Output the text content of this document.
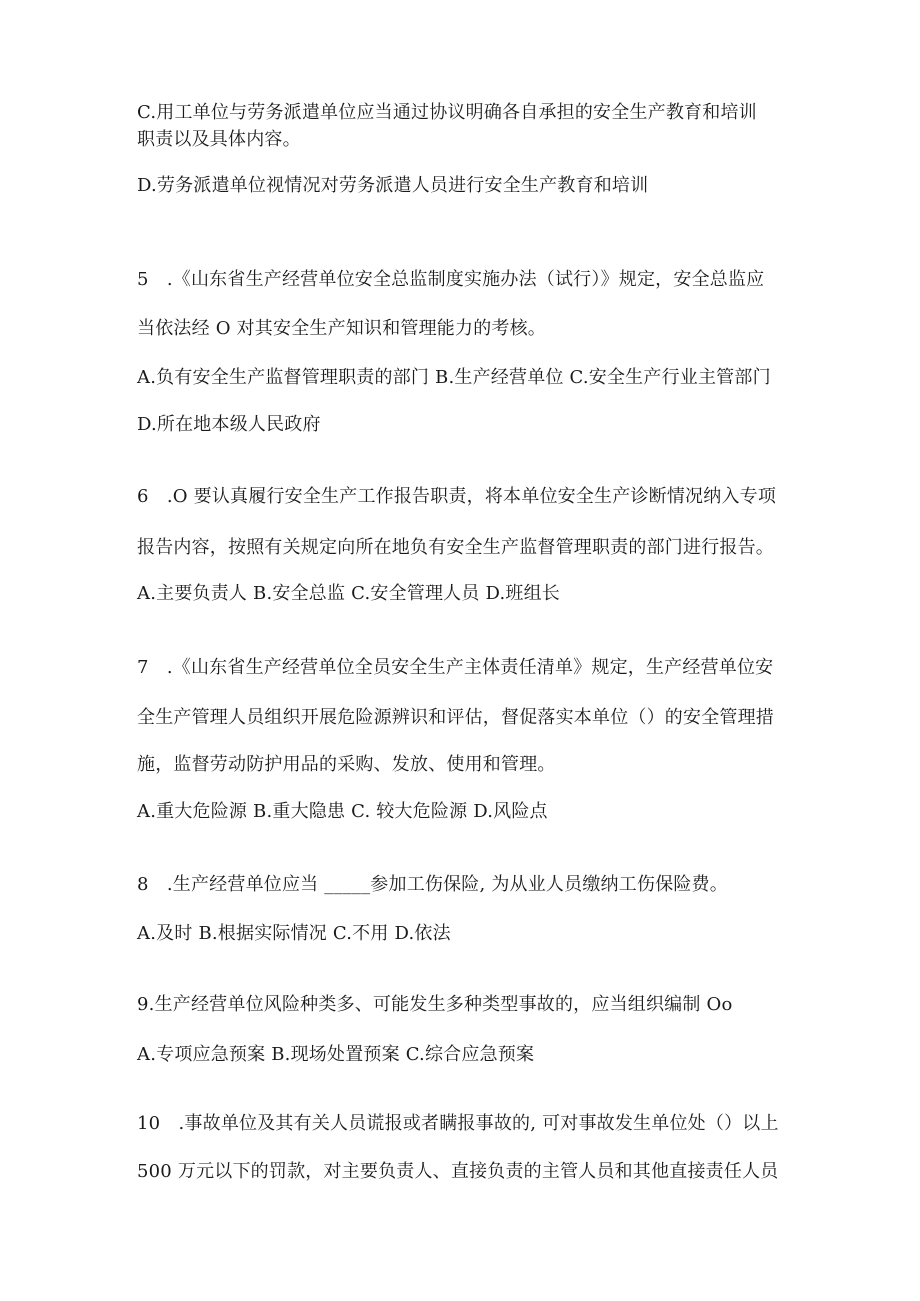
C.用工单位与劳务派遣单位应当通过协议明确各自承担的安全生产教育和培训
职责以及具体内容。
D.劳务派遣单位视情况对劳务派遣人员进行安全生产教育和培训
5　.《山东省生产经营单位安全总监制度实施办法（试行）》规定，安全总监应
当依法经 O 对其安全生产知识和管理能力的考核。
A.负有安全生产监督管理职责的部门 B.生产经营单位 C.安全生产行业主管部门
D.所在地本级人民政府
6　.O 要认真履行安全生产工作报告职责，将本单位安全生产诊断情况纳入专项
报告内容，按照有关规定向所在地负有安全生产监督管理职责的部门进行报告。
A.主要负责人 B.安全总监 C.安全管理人员 D.班组长
7　.《山东省生产经营单位全员安全生产主体责任清单》规定，生产经营单位安
全生产管理人员组织开展危险源辨识和评估，督促落实本单位（）的安全管理措
施，监督劳动防护用品的采购、发放、使用和管理。
A.重大危险源 B.重大隐患 C. 较大危险源 D.风险点
8　.生产经营单位应当 _____参加工伤保险, 为从业人员缴纳工伤保险费。
A.及时 B.根据实际情况 C.不用 D.依法
9.生产经营单位风险种类多、可能发生多种类型事故的，应当组织编制 Oo
A.专项应急预案 B.现场处置预案 C.综合应急预案
10　.事故单位及其有关人员谎报或者瞒报事故的, 可对事故发生单位处（）以上
500 万元以下的罚款，对主要负责人、直接负责的主管人员和其他直接责任人员
